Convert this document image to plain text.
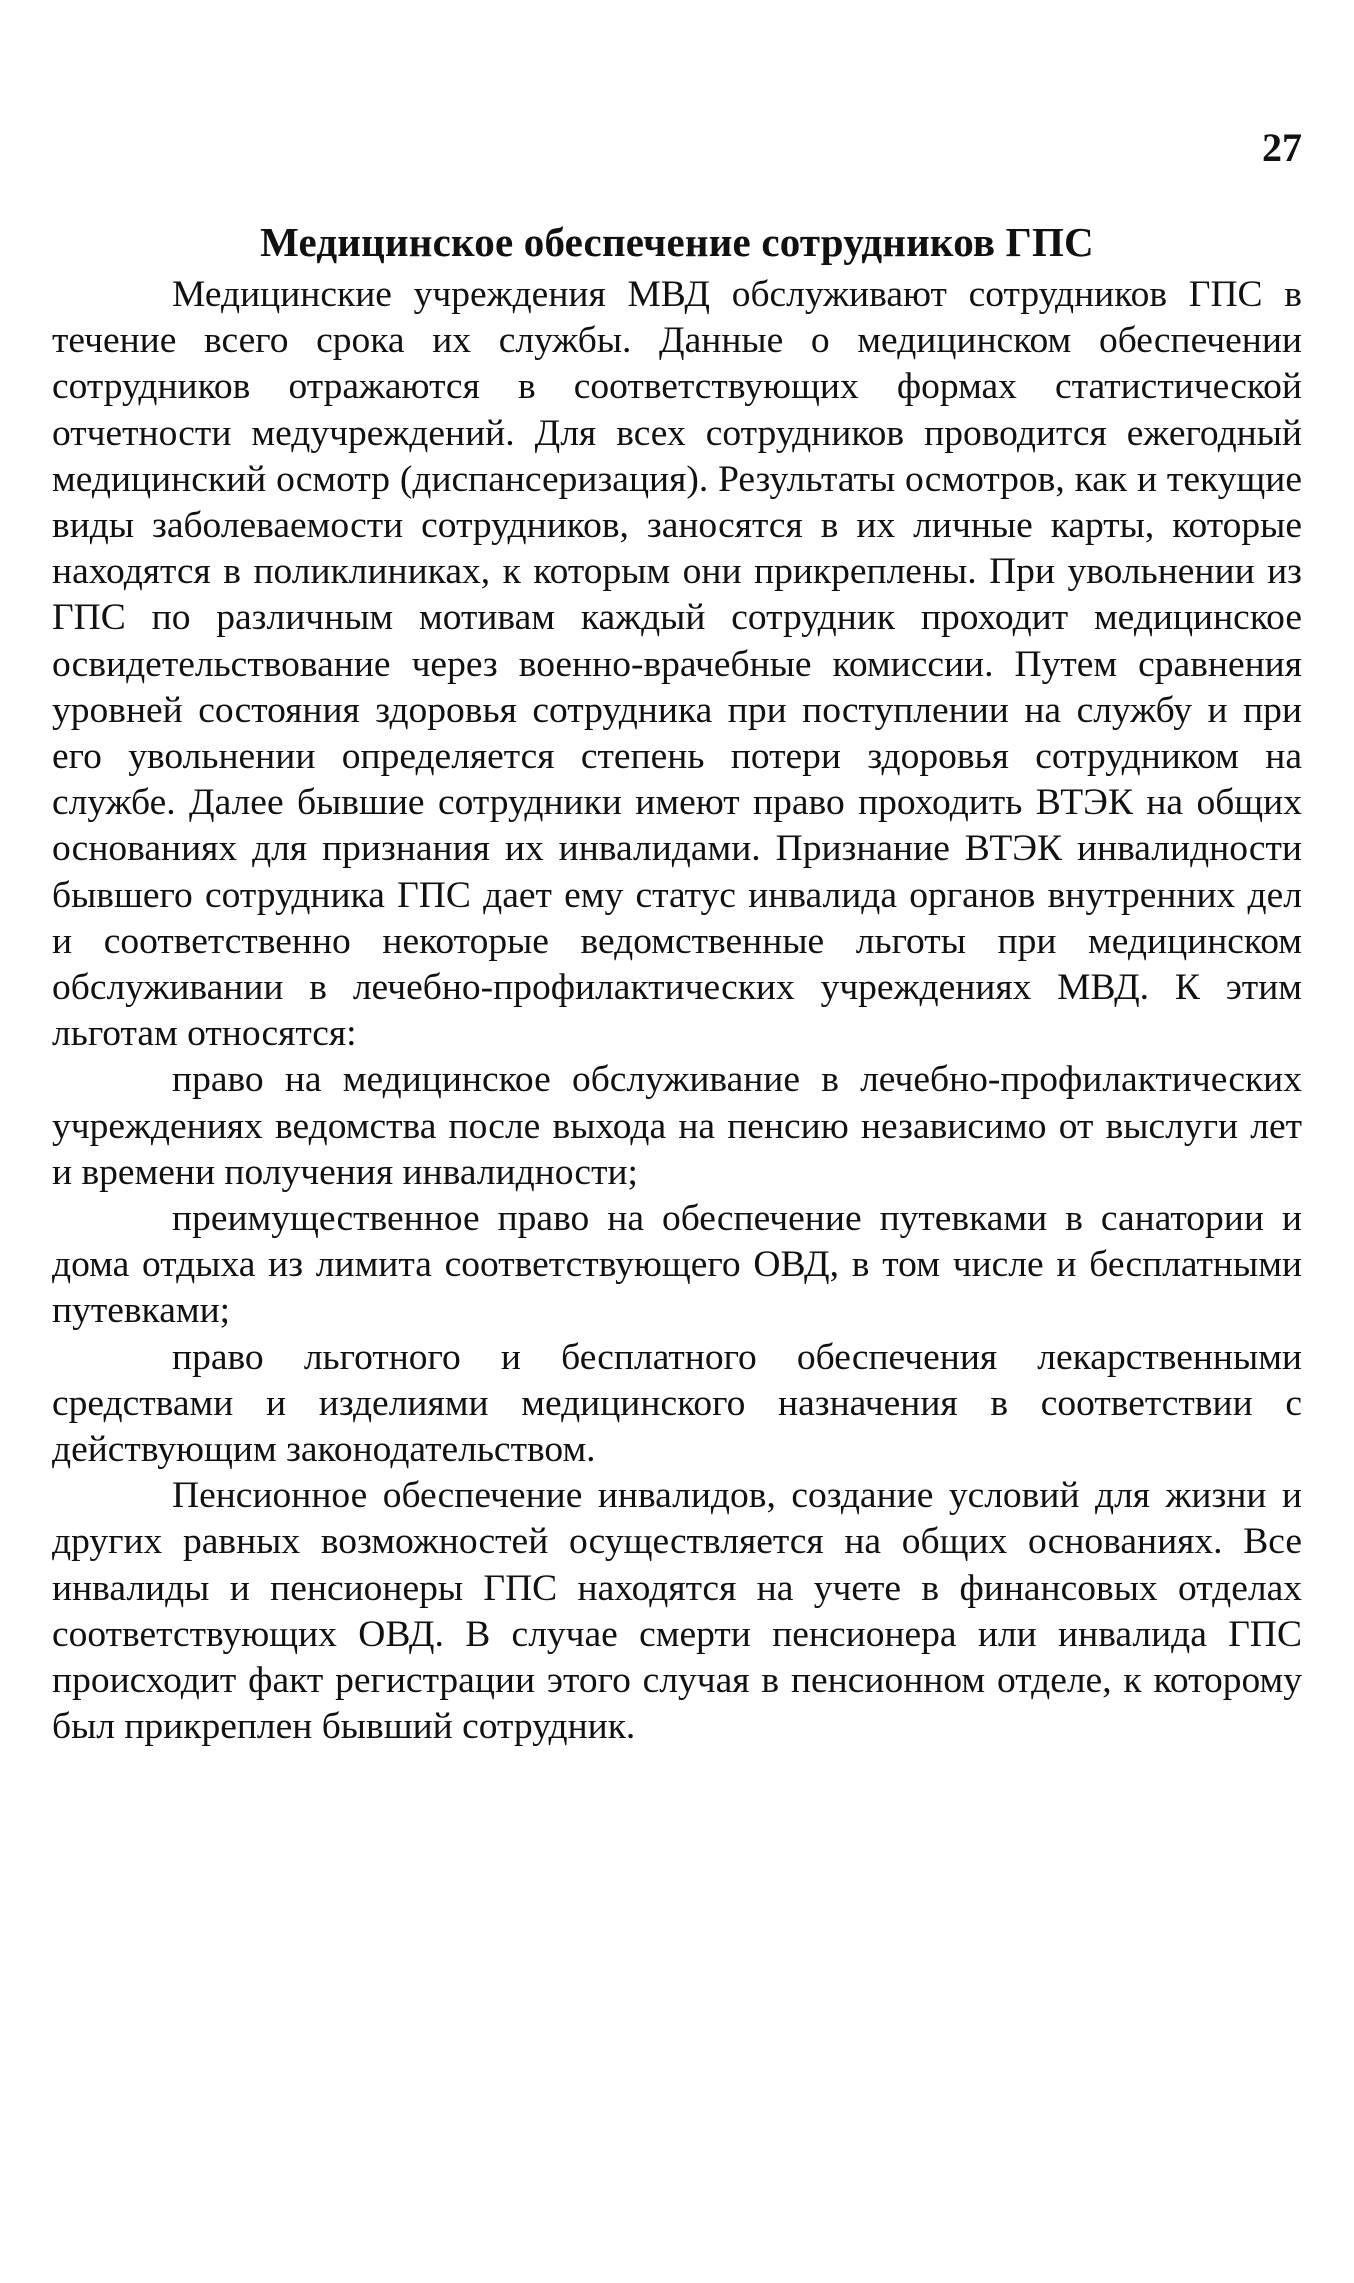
27
Медицинское обеспечение сотрудников ГПС

Медицинские учреждения МВД обслуживают сотрудников ГПС в течение всего срока их службы. Данные о медицинском обеспечении сотрудников отражаются в соответствующих формах статистической отчетности медучреждений. Для всех сотрудников проводится ежегодный медицинский осмотр (диспансеризация). Результаты осмотров, как и текущие виды заболеваемости сотрудников, заносятся в их личные карты, которые находятся в поликлиниках, к которым они прикреплены. При увольнении из ГПС по различным мотивам каждый сотрудник проходит медицинское освидетельствование через военно-врачебные комиссии. Путем сравнения уровней состояния здоровья сотрудника при поступлении на службу и при его увольнении определяется степень потери здоровья сотрудником на службе. Далее бывшие сотрудники имеют право проходить ВТЭК на общих основаниях для признания их инвалидами. Признание ВТЭК инвалидности бывшего сотрудника ГПС дает ему статус инвалида органов внутренних дел и соответственно некоторые ведомственные льготы при медицинском обслуживании в лечебно-профилактических учреждениях МВД. К этим льготам относятся:

право на медицинское обслуживание в лечебно-профилактических учреждениях ведомства после выхода на пенсию независимо от выслуги лет и времени получения инвалидности;

преимущественное право на обеспечение путевками в санатории и дома отдыха из лимита соответствующего ОВД, в том числе и бесплатными путевками;

право льготного и бесплатного обеспечения лекарственными средствами и изделиями медицинского назначения в соответствии с действующим законодательством.

Пенсионное обеспечение инвалидов, создание условий для жизни и других равных возможностей осуществляется на общих основаниях. Все инвалиды и пенсионеры ГПС находятся на учете в финансовых отделах соответствующих ОВД. В случае смерти пенсионера или инвалида ГПС происходит факт регистрации этого случая в пенсионном отделе, к которому был прикреплен бывший сотрудник.
